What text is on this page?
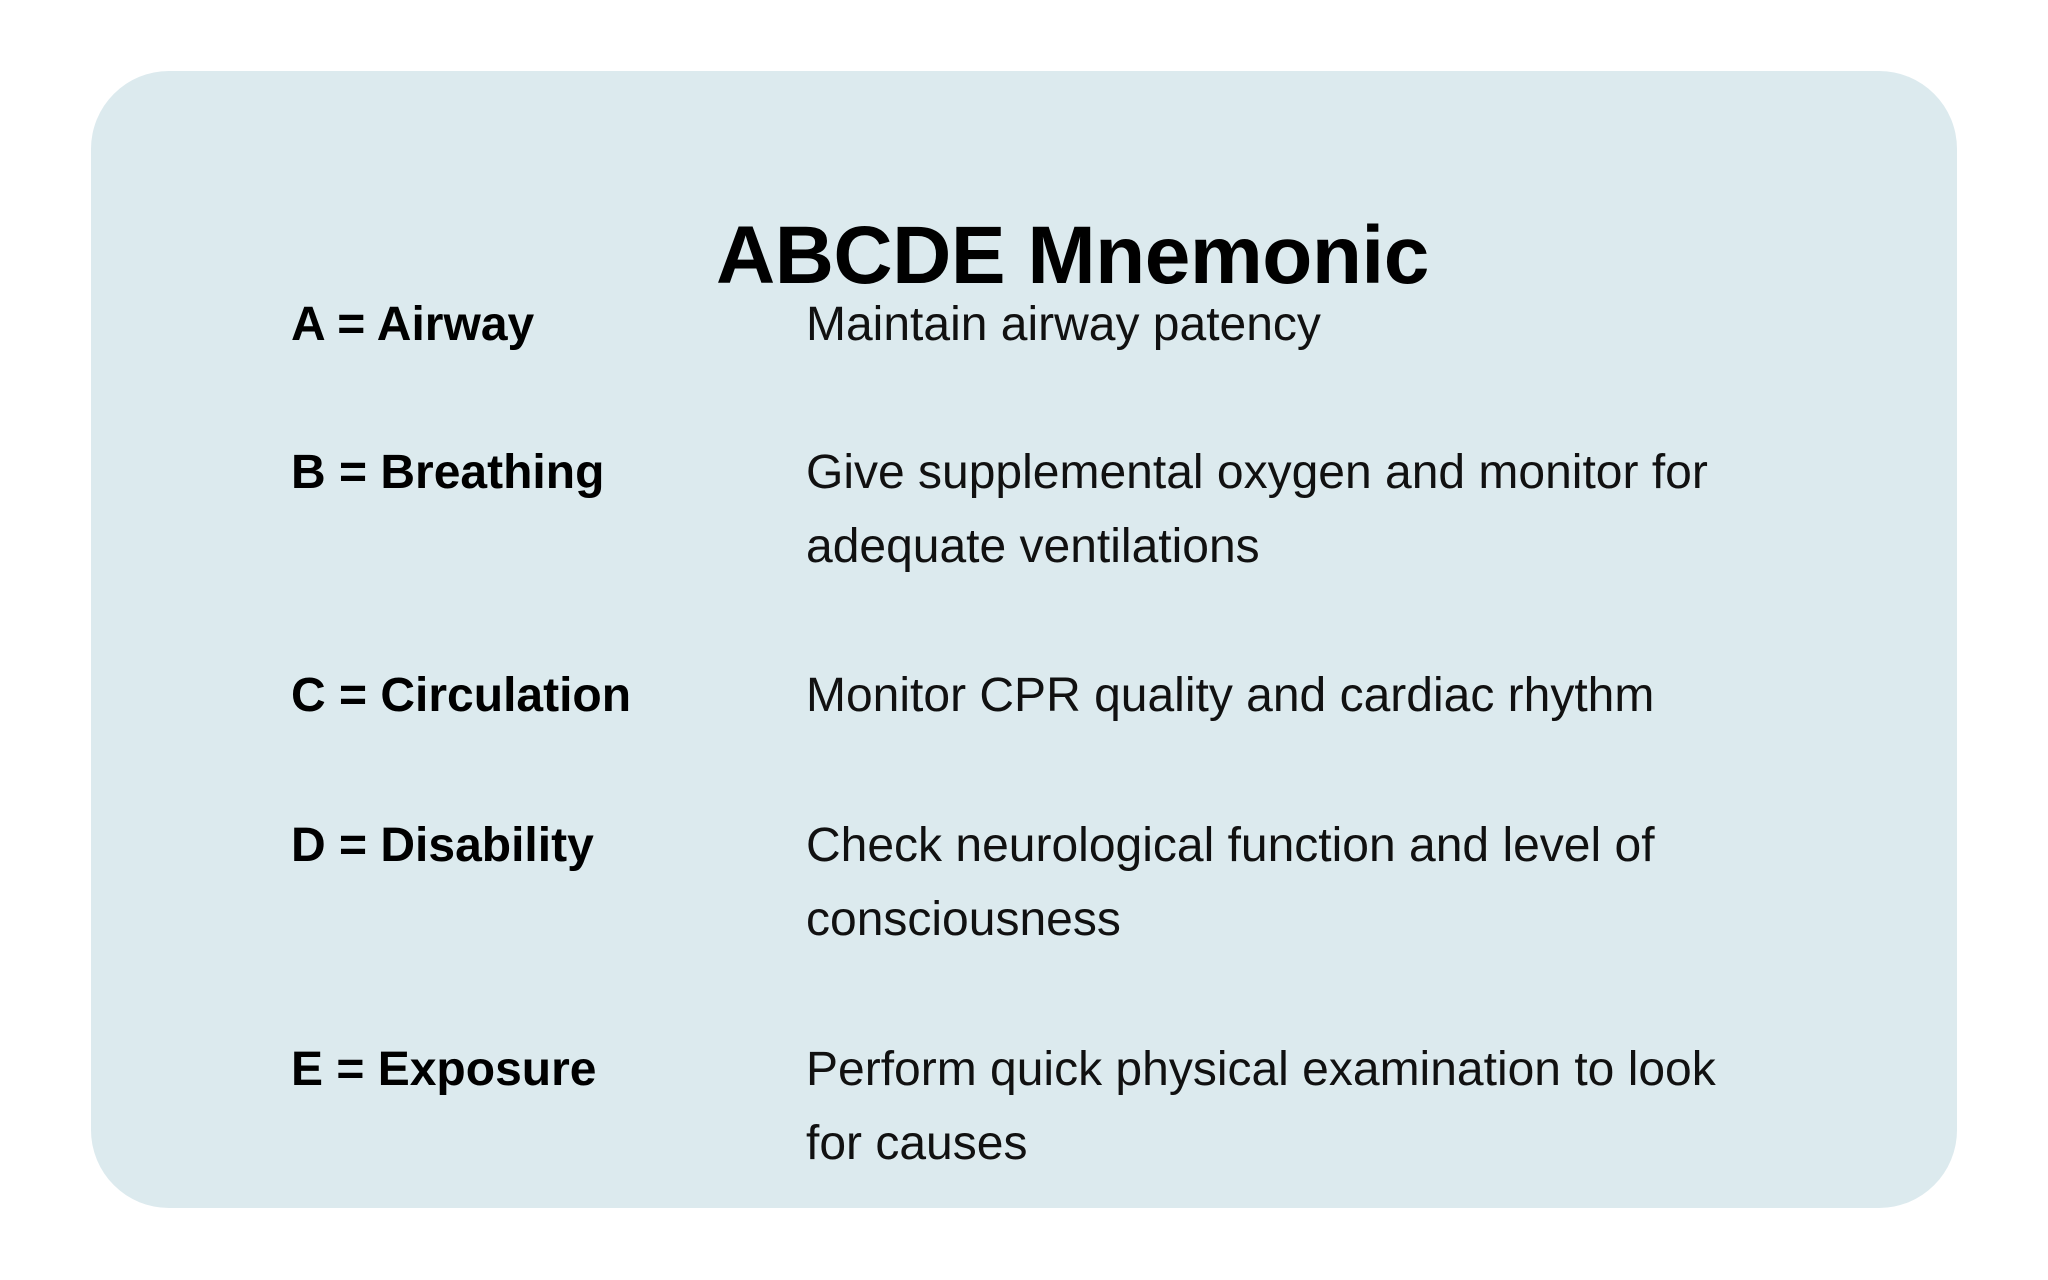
ABCDE Mnemonic
A = Airway	Maintain airway patency
B = Breathing	Give supplemental oxygen and monitor for
adequate ventilations
C = Circulation	Monitor CPR quality and cardiac rhythm
D = Disability	Check neurological function and level of
consciousness
E = Exposure	Perform quick physical examination to look
for causes
